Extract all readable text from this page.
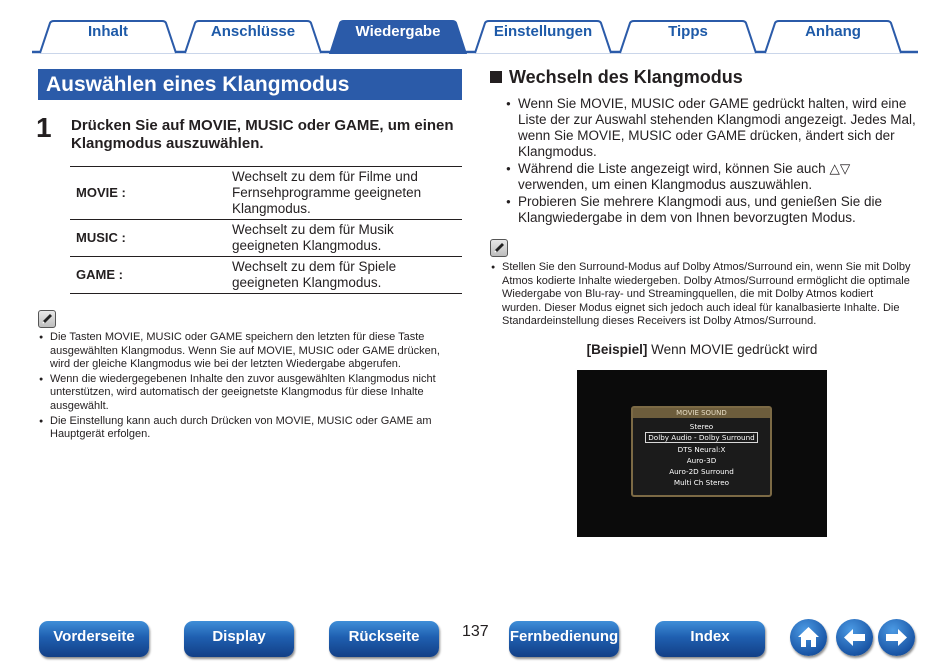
Inhalt	Anschlüsse	Wiedergabe	Einstellungen	Tipps	Anhang
Auswählen eines Klangmodus
1 Drücken Sie auf MOVIE, MUSIC oder GAME, um einen Klangmodus auszuwählen.
MOVIE :	Wechselt zu dem für Filme und Fernsehprogramme geeigneten Klangmodus.
MUSIC :	Wechselt zu dem für Musik geeigneten Klangmodus.
GAME :	Wechselt zu dem für Spiele geeigneten Klangmodus.
● Die Tasten MOVIE, MUSIC oder GAME speichern den letzten für diese Taste ausgewählten Klangmodus. Wenn Sie auf MOVIE, MUSIC oder GAME drücken, wird der gleiche Klangmodus wie bei der letzten Wiedergabe abgerufen.
● Wenn die wiedergegebenen Inhalte den zuvor ausgewählten Klangmodus nicht unterstützen, wird automatisch der geeignetste Klangmodus für diese Inhalte ausgewählt.
● Die Einstellung kann auch durch Drücken von MOVIE, MUSIC oder GAME am Hauptgerät erfolgen.
Wechseln des Klangmodus
● Wenn Sie MOVIE, MUSIC oder GAME gedrückt halten, wird eine Liste der zur Auswahl stehenden Klangmodi angezeigt. Jedes Mal, wenn Sie MOVIE, MUSIC oder GAME drücken, ändert sich der Klangmodus.
● Während die Liste angezeigt wird, können Sie auch △▽ verwenden, um einen Klangmodus auszuwählen.
● Probieren Sie mehrere Klangmodi aus, und genießen Sie die Klangwiedergabe in dem von Ihnen bevorzugten Modus.
● Stellen Sie den Surround-Modus auf Dolby Atmos/Surround ein, wenn Sie mit Dolby Atmos kodierte Inhalte wiedergeben. Dolby Atmos/Surround ermöglicht die optimale Wiedergabe von Blu-ray- und Streamingquellen, die mit Dolby Atmos kodiert wurden. Dieser Modus eignet sich jedoch auch ideal für kanalbasierte Inhalte. Die Standardeinstellung dieses Receivers ist Dolby Atmos/Surround.
[Beispiel] Wenn MOVIE gedrückt wird
MOVIE SOUND
Stereo
Dolby Audio - Dolby Surround
DTS Neural:X
Auro-3D
Auro-2D Surround
Multi Ch Stereo
Vorderseite	Display	Rückseite	137 Fernbedienung	Index
